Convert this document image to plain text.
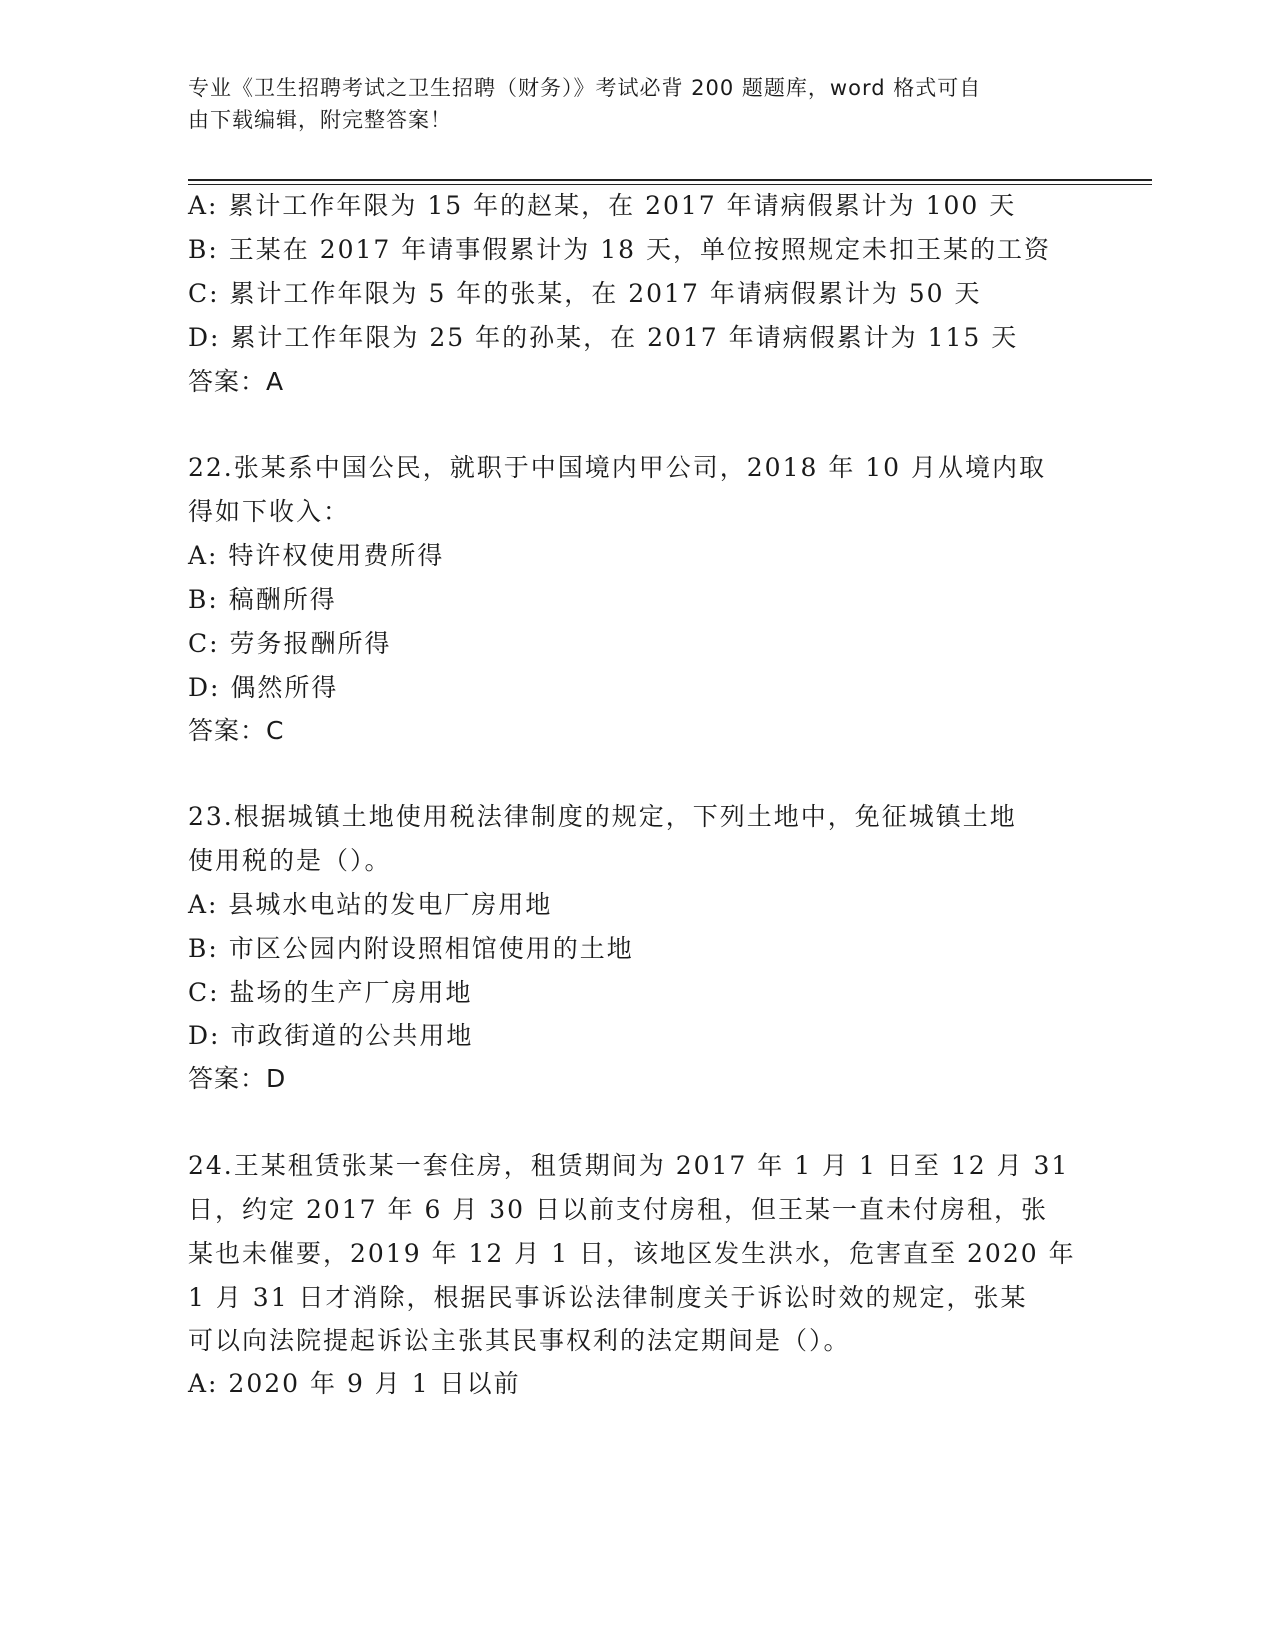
专业《卫生招聘考试之卫生招聘（财务）》考试必背 200 题题库，word 格式可自
由下载编辑，附完整答案！
A: 累计工作年限为 15 年的赵某，在 2017 年请病假累计为 100 天
B: 王某在 2017 年请事假累计为 18 天，单位按照规定未扣王某的工资
C: 累计工作年限为 5 年的张某，在 2017 年请病假累计为 50 天
D: 累计工作年限为 25 年的孙某，在 2017 年请病假累计为 115 天
答案：A
22.张某系中国公民，就职于中国境内甲公司，2018 年 10 月从境内取
得如下收入：
A: 特许权使用费所得
B: 稿酬所得
C: 劳务报酬所得
D: 偶然所得
答案：C
23.根据城镇土地使用税法律制度的规定，下列土地中，免征城镇土地
使用税的是（）。
A: 县城水电站的发电厂房用地
B: 市区公园内附设照相馆使用的土地
C: 盐场的生产厂房用地
D: 市政街道的公共用地
答案：D
24.王某租赁张某一套住房，租赁期间为 2017 年 1 月 1 日至 12 月 31
日，约定 2017 年 6 月 30 日以前支付房租，但王某一直未付房租，张
某也未催要，2019 年 12 月 1 日，该地区发生洪水，危害直至 2020 年
1 月 31 日才消除，根据民事诉讼法律制度关于诉讼时效的规定，张某
可以向法院提起诉讼主张其民事权利的法定期间是（）。
A: 2020 年 9 月 1 日以前
